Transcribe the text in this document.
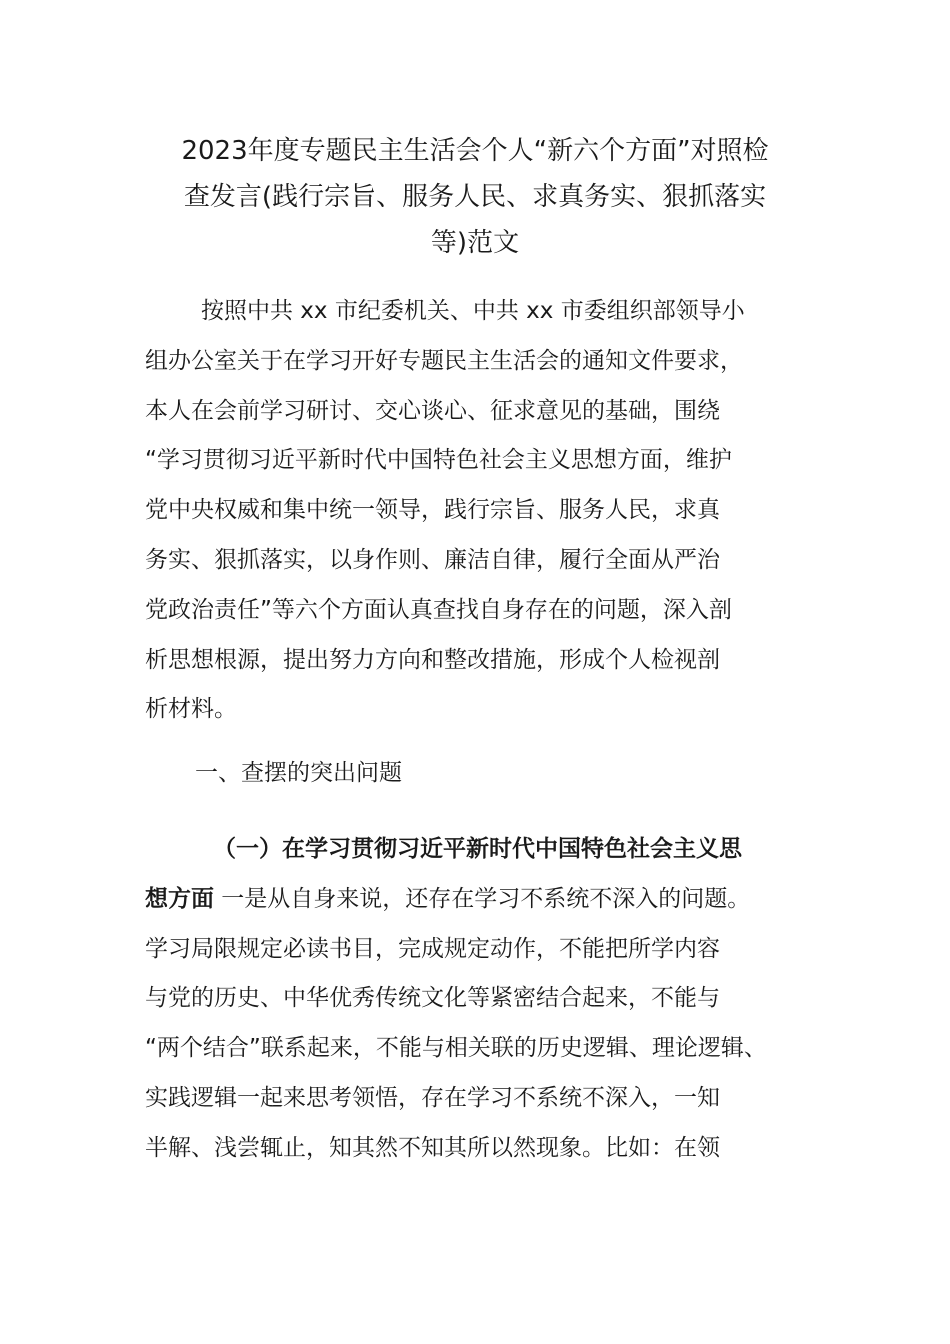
2023年度专题民主生活会个人“新六个方面”对照检
查发言(践行宗旨、服务人民、求真务实、狠抓落实
等)范文

按照中共 xx 市纪委机关、中共 xx 市委组织部领导小
组办公室关于在学习开好专题民主生活会的通知文件要求，
本人在会前学习研讨、交心谈心、征求意见的基础，围绕
“学习贯彻习近平新时代中国特色社会主义思想方面，维护
党中央权威和集中统一领导，践行宗旨、服务人民，求真
务实、狠抓落实，以身作则、廉洁自律，履行全面从严治
党政治责任”等六个方面认真查找自身存在的问题，深入剖
析思想根源，提出努力方向和整改措施，形成个人检视剖
析材料。

一、查摆的突出问题

（一）在学习贯彻习近平新时代中国特色社会主义思
想方面 一是从自身来说，还存在学习不系统不深入的问题。
学习局限规定必读书目，完成规定动作，不能把所学内容
与党的历史、中华优秀传统文化等紧密结合起来，不能与
“两个结合”联系起来，不能与相关联的历史逻辑、理论逻辑、
实践逻辑一起来思考领悟，存在学习不系统不深入，一知
半解、浅尝辄止，知其然不知其所以然现象。比如：在领
